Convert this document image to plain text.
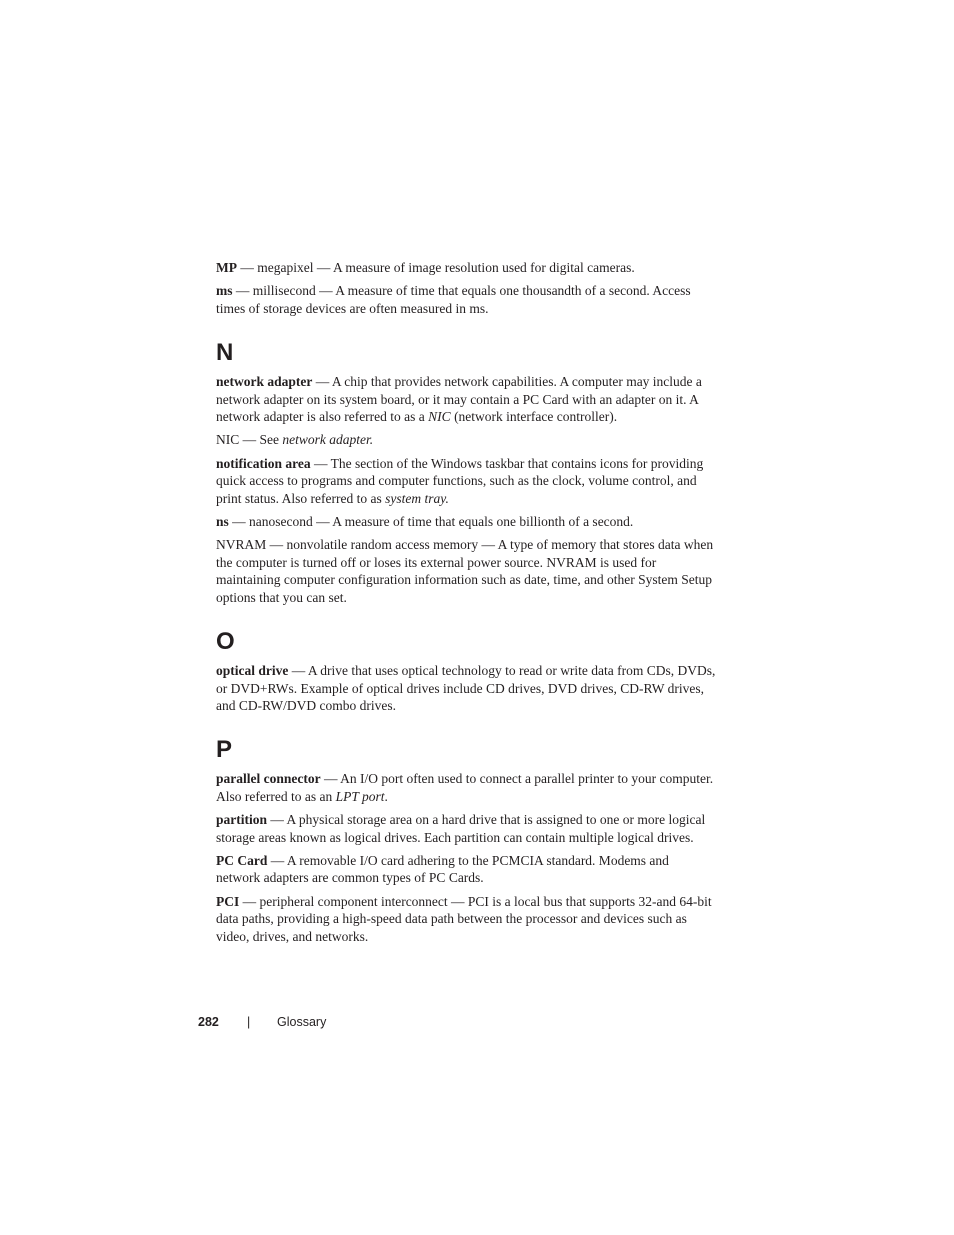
MP — megapixel — A measure of image resolution used for digital cameras.

ms — millisecond — A measure of time that equals one thousandth of a second. Access times of storage devices are often measured in ms.

N

network adapter — A chip that provides network capabilities. A computer may include a network adapter on its system board, or it may contain a PC Card with an adapter on it. A network adapter is also referred to as a NIC (network interface controller).

NIC — See network adapter.

notification area — The section of the Windows taskbar that contains icons for providing quick access to programs and computer functions, such as the clock, volume control, and print status. Also referred to as system tray.

ns — nanosecond — A measure of time that equals one billionth of a second.

NVRAM — nonvolatile random access memory — A type of memory that stores data when the computer is turned off or loses its external power source. NVRAM is used for maintaining computer configuration information such as date, time, and other System Setup options that you can set.

O

optical drive — A drive that uses optical technology to read or write data from CDs, DVDs, or DVD+RWs. Example of optical drives include CD drives, DVD drives, CD-RW drives, and CD-RW/DVD combo drives.

P

parallel connector — An I/O port often used to connect a parallel printer to your computer. Also referred to as an LPT port.

partition — A physical storage area on a hard drive that is assigned to one or more logical storage areas known as logical drives. Each partition can contain multiple logical drives.

PC Card — A removable I/O card adhering to the PCMCIA standard. Modems and network adapters are common types of PC Cards.

PCI — peripheral component interconnect — PCI is a local bus that supports 32-and 64-bit data paths, providing a high-speed data path between the processor and devices such as video, drives, and networks.

282 | Glossary
